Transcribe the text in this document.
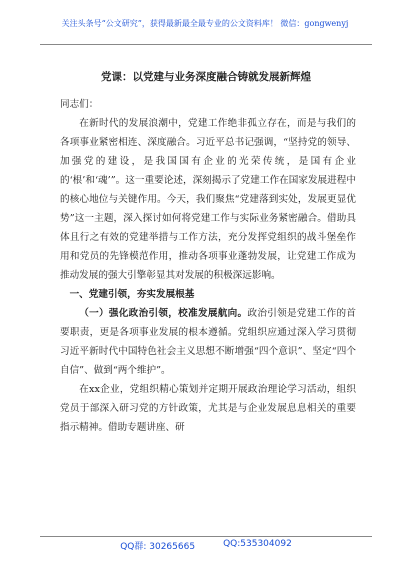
关注头条号“公文研究”，获得最新最全最专业的公文资料库！ 微信：gongwenyj
党课：以党建与业务深度融合铸就发展新辉煌

同志们：

在新时代的发展浪潮中，党建工作绝非孤立存在，而是与我们的各项事业紧密相连、深度融合。习近平总书记强调，“坚持党的领导、加强党的建设，是我国国有企业的光荣传统，是国有企业的‘根’和‘魂’”。这一重要论述，深刻揭示了党建工作在国家发展进程中的核心地位与关键作用。今天，我们聚焦“党建落到实处，发展更显优势”这一主题，深入探讨如何将党建工作与实际业务紧密融合。借助具体且行之有效的党建举措与工作方法，充分发挥党组织的战斗堡垒作用和党员的先锋模范作用，推动各项事业蓬勃发展，让党建工作成为推动发展的强大引擎彰显其对发展的积极深远影响。

一、党建引领，夯实发展根基

（一）强化政治引领，校准发展航向。政治引领是党建工作的首要职责，更是各项事业发展的根本遵循。党组织应通过深入学习贯彻习近平新时代中国特色社会主义思想不断增强“四个意识”、坚定“四个自信”、做到“两个维护”。

在xx企业，党组织精心策划并定期开展政治理论学习活动，组织党员于部深入研习党的方针政策，尤其是与企业发展息息相关的重要指示精神。借助专题讲座、研

QQ群: 30265665	QQ:535304092
